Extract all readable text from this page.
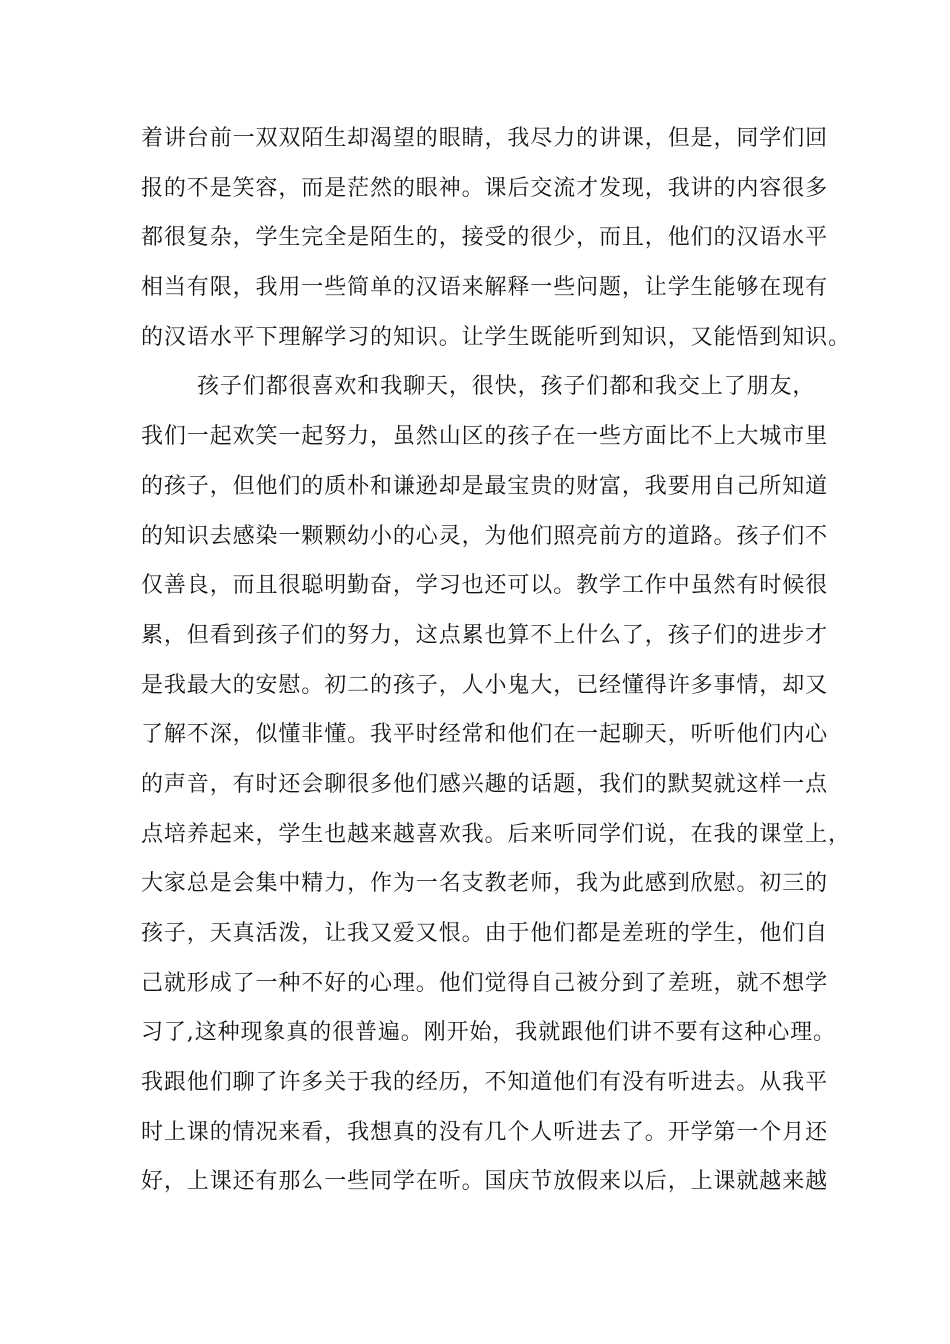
着讲台前一双双陌生却渴望的眼睛，我尽力的讲课，但是，同学们回
报的不是笑容，而是茫然的眼神。课后交流才发现，我讲的内容很多
都很复杂，学生完全是陌生的，接受的很少，而且，他们的汉语水平
相当有限，我用一些简单的汉语来解释一些问题，让学生能够在现有
的汉语水平下理解学习的知识。让学生既能听到知识，又能悟到知识。
孩子们都很喜欢和我聊天，很快，孩子们都和我交上了朋友，
我们一起欢笑一起努力，虽然山区的孩子在一些方面比不上大城市里
的孩子，但他们的质朴和谦逊却是最宝贵的财富，我要用自己所知道
的知识去感染一颗颗幼小的心灵，为他们照亮前方的道路。孩子们不
仅善良，而且很聪明勤奋，学习也还可以。教学工作中虽然有时候很
累，但看到孩子们的努力，这点累也算不上什么了，孩子们的进步才
是我最大的安慰。初二的孩子，人小鬼大，已经懂得许多事情，却又
了解不深，似懂非懂。我平时经常和他们在一起聊天，听听他们内心
的声音，有时还会聊很多他们感兴趣的话题，我们的默契就这样一点
点培养起来，学生也越来越喜欢我。后来听同学们说，在我的课堂上，
大家总是会集中精力，作为一名支教老师，我为此感到欣慰。初三的
孩子，天真活泼，让我又爱又恨。由于他们都是差班的学生，他们自
己就形成了一种不好的心理。他们觉得自己被分到了差班，就不想学
习了,这种现象真的很普遍。刚开始，我就跟他们讲不要有这种心理。
我跟他们聊了许多关于我的经历，不知道他们有没有听进去。从我平
时上课的情况来看，我想真的没有几个人听进去了。开学第一个月还
好，上课还有那么一些同学在听。国庆节放假来以后，上课就越来越
